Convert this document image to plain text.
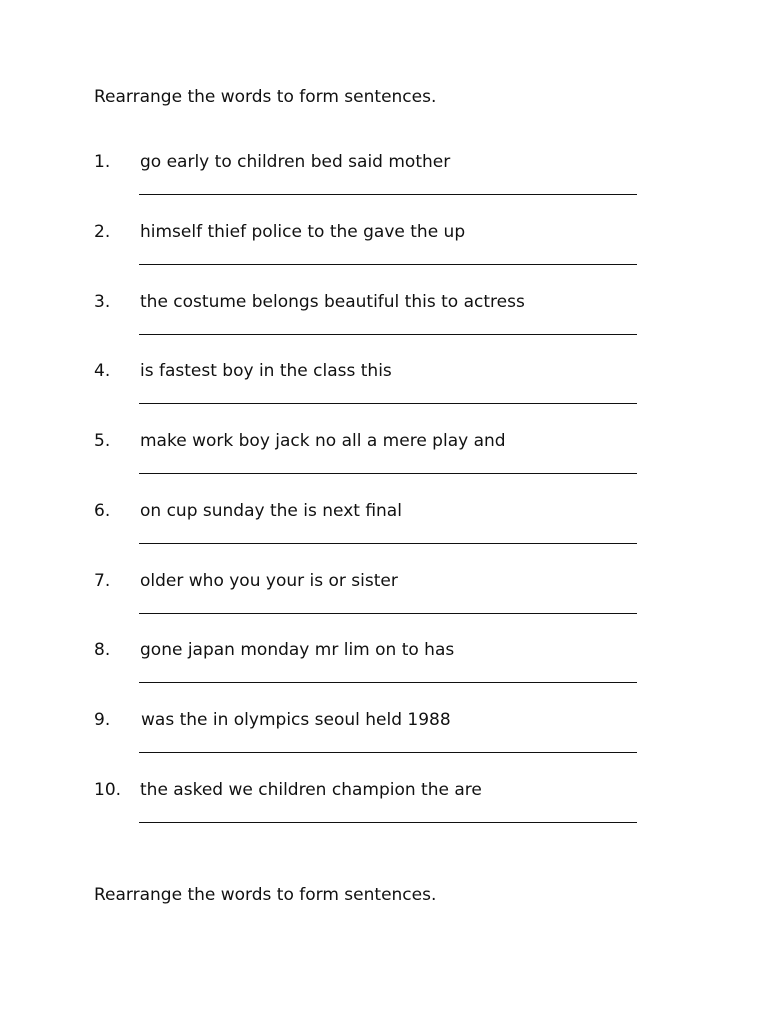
Rearrange the words to form sentences.
1. go early to children bed said mother
2. himself thief police to the gave the up
3. the costume belongs beautiful this to actress
4. is fastest boy in the class this
5. make work boy jack no all a mere play and
6. on cup sunday the is next final
7. older who you your is or sister
8. gone japan monday mr lim on to has
9. was the in olympics seoul held 1988
10. the asked we children champion the are
Rearrange the words to form sentences.
